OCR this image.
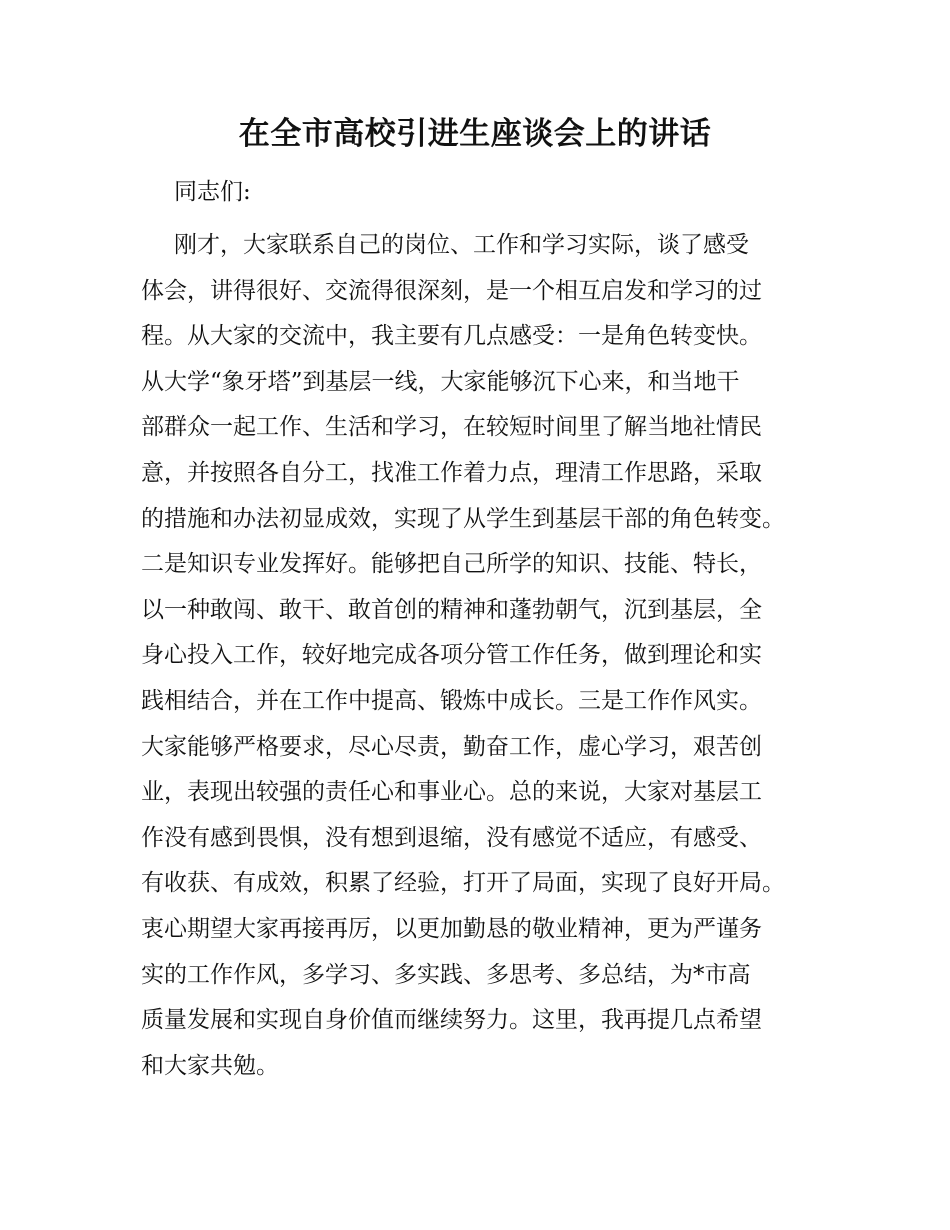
在全市高校引进生座谈会上的讲话
同志们:
刚才，大家联系自己的岗位、工作和学习实际，谈了感受
体会，讲得很好、交流得很深刻，是一个相互启发和学习的过
程。从大家的交流中，我主要有几点感受：一是角色转变快。
从大学“象牙塔”到基层一线，大家能够沉下心来，和当地干
部群众一起工作、生活和学习，在较短时间里了解当地社情民
意，并按照各自分工，找准工作着力点，理清工作思路，采取
的措施和办法初显成效，实现了从学生到基层干部的角色转变。
二是知识专业发挥好。能够把自己所学的知识、技能、特长，
以一种敢闯、敢干、敢首创的精神和蓬勃朝气，沉到基层，全
身心投入工作，较好地完成各项分管工作任务，做到理论和实
践相结合，并在工作中提高、锻炼中成长。三是工作作风实。
大家能够严格要求，尽心尽责，勤奋工作，虚心学习，艰苦创
业，表现出较强的责任心和事业心。总的来说，大家对基层工
作没有感到畏惧，没有想到退缩，没有感觉不适应，有感受、
有收获、有成效，积累了经验，打开了局面，实现了良好开局。
衷心期望大家再接再厉，以更加勤恳的敬业精神，更为严谨务
实的工作作风，多学习、多实践、多思考、多总结，为*市高
质量发展和实现自身价值而继续努力。这里，我再提几点希望
和大家共勉。
